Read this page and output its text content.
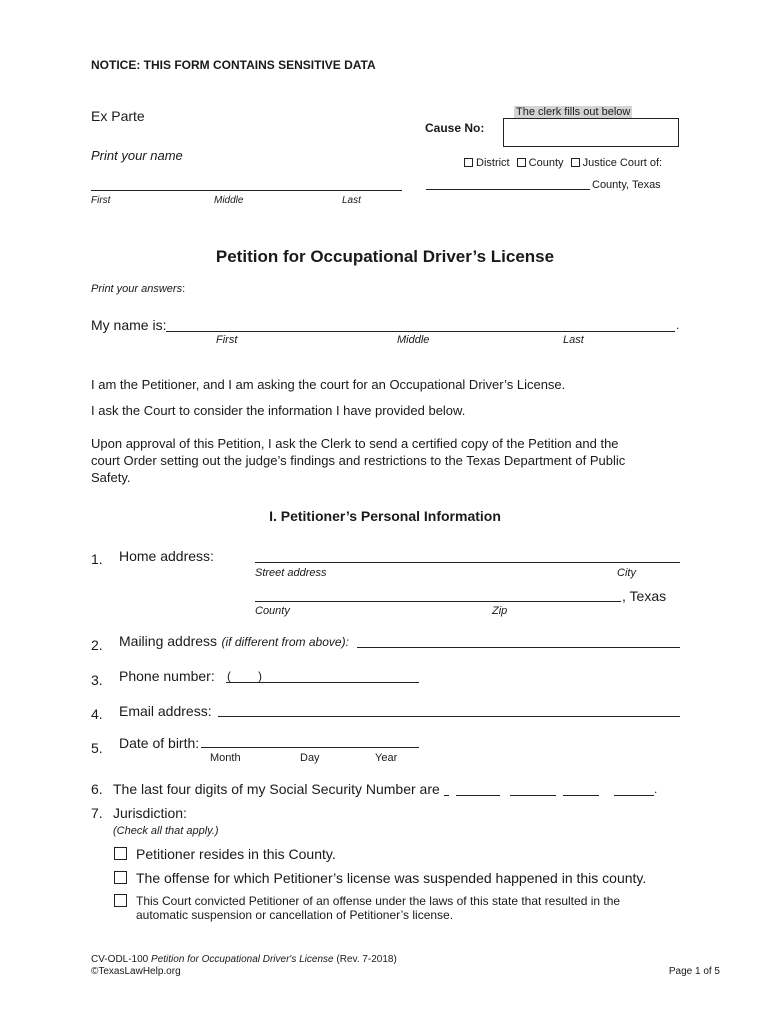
NOTICE: THIS FORM CONTAINS SENSITIVE DATA
Ex Parte
Print your name
First	Middle	Last
The clerk fills out below
Cause No:
District County Justice Court of:
County, Texas
Petition for Occupational Driver’s License
Print your answers:
My name is:	.
First	Middle	Last
I am the Petitioner, and I am asking the court for an Occupational Driver’s License.
I ask the Court to consider the information I have provided below.
Upon approval of this Petition, I ask the Clerk to send a certified copy of the Petition and the
court Order setting out the judge’s findings and restrictions to the Texas Department of Public
Safety.
I. Petitioner’s Personal Information
1. Home address:
Street address	City
, Texas
County	Zip
2. Mailing address (if different from above):
3. Phone number: ( )
4. Email address:
5. Date of birth:
Month	Day	Year
6. The last four digits of my Social Security Number are	.
7. Jurisdiction:
(Check all that apply.)
Petitioner resides in this County.
The offense for which Petitioner’s license was suspended happened in this county.
This Court convicted Petitioner of an offense under the laws of this state that resulted in the
automatic suspension or cancellation of Petitioner’s license.
CV-ODL-100 Petition for Occupational Driver's License (Rev. 7-2018)
©TexasLawHelp.org	Page 1 of 5
